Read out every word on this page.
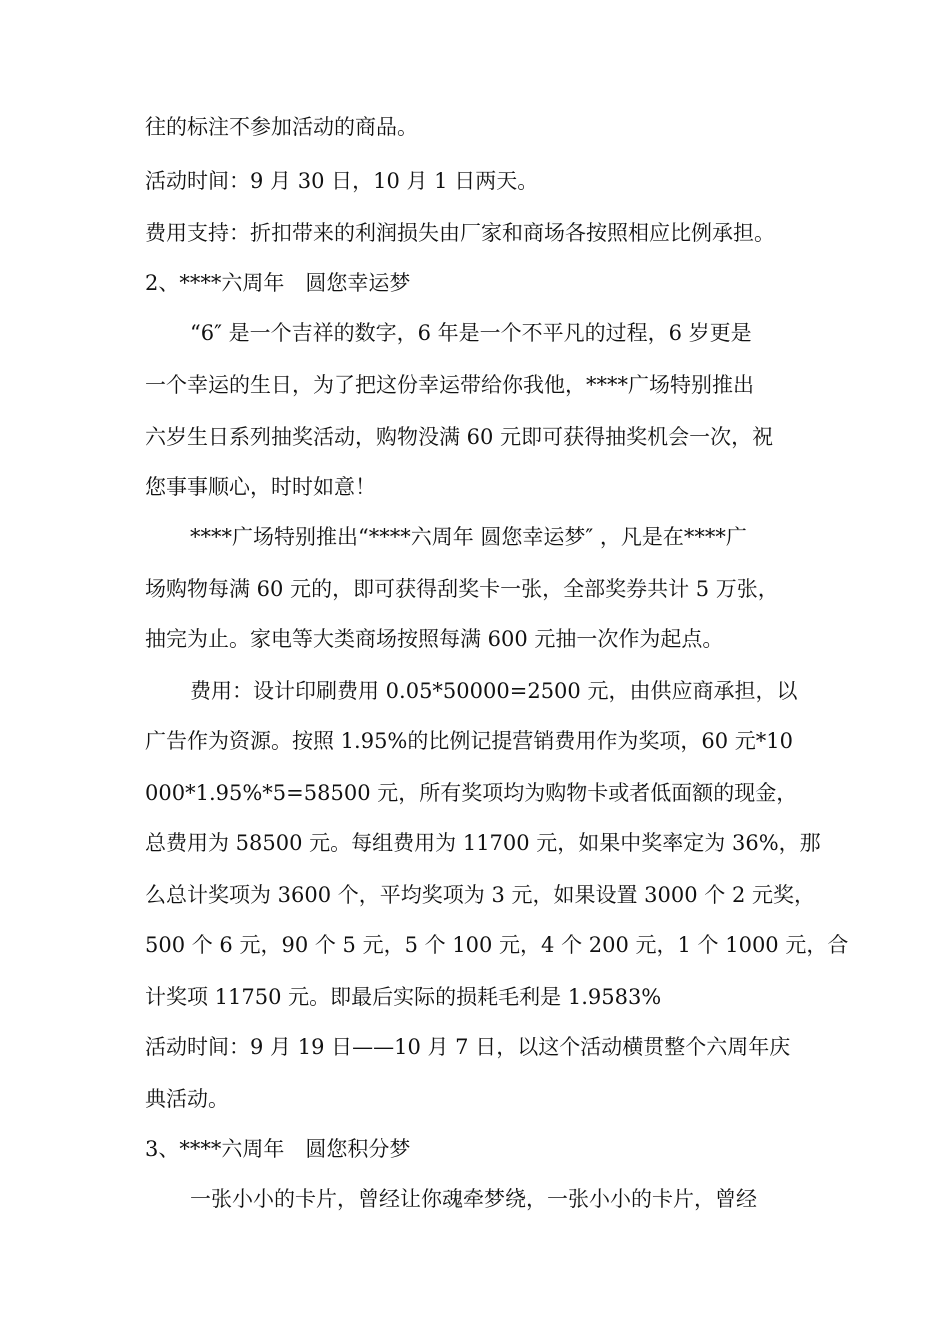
往的标注不参加活动的商品。
活动时间：9 月 30 日，10 月 1 日两天。
费用支持：折扣带来的利润损失由厂家和商场各按照相应比例承担。
2、****六周年　圆您幸运梦
“6″ 是一个吉祥的数字，6 年是一个不平凡的过程，6 岁更是
一个幸运的生日，为了把这份幸运带给你我他，****广场特别推出
六岁生日系列抽奖活动，购物没满 60 元即可获得抽奖机会一次，祝
您事事顺心，时时如意！
****广场特别推出“****六周年 圆您幸运梦″ ，凡是在****广
场购物每满 60 元的，即可获得刮奖卡一张，全部奖券共计 5 万张，
抽完为止。家电等大类商场按照每满 600 元抽一次作为起点。
费用：设计印刷费用 0.05*50000=2500 元，由供应商承担，以
广告作为资源。按照 1.95%的比例记提营销费用作为奖项，60 元*10
000*1.95%*5=58500 元，所有奖项均为购物卡或者低面额的现金，
总费用为 58500 元。每组费用为 11700 元，如果中奖率定为 36%，那
么总计奖项为 3600 个，平均奖项为 3 元，如果设置 3000 个 2 元奖，
500 个 6 元，90 个 5 元，5 个 100 元，4 个 200 元，1 个 1000 元，合
计奖项 11750 元。即最后实际的损耗毛利是 1.9583%
活动时间：9 月 19 日——10 月 7 日，以这个活动横贯整个六周年庆
典活动。
3、****六周年　圆您积分梦
一张小小的卡片，曾经让你魂牵梦绕，一张小小的卡片，曾经
